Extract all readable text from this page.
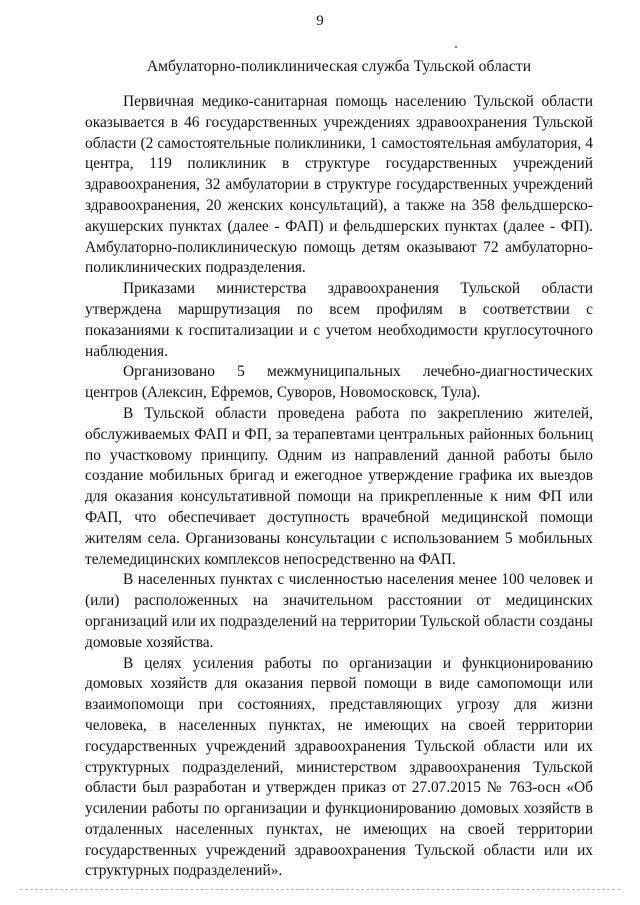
9
Амбулаторно-поликлиническая служба Тульской области

Первичная медико-санитарная помощь населению Тульской области оказывается в 46 государственных учреждениях здравоохранения Тульской области (2 самостоятельные поликлиники, 1 самостоятельная амбулатория, 4 центра, 119 поликлиник в структуре государственных учреждений здравоохранения, 32 амбулатории в структуре государственных учреждений здравоохранения, 20 женских консультаций), а также на 358 фельдшерско-акушерских пунктах (далее - ФАП) и фельдшерских пунктах (далее - ФП). Амбулаторно-поликлиническую помощь детям оказывают 72 амбулаторно-поликлинических подразделения.

Приказами министерства здравоохранения Тульской области утверждена маршрутизация по всем профилям в соответствии с показаниями к госпитализации и с учетом необходимости круглосуточного наблюдения.

Организовано 5 межмуниципальных лечебно-диагностических центров (Алексин, Ефремов, Суворов, Новомосковск, Тула).

В Тульской области проведена работа по закреплению жителей, обслуживаемых ФАП и ФП, за терапевтами центральных районных больниц по участковому принципу. Одним из направлений данной работы было создание мобильных бригад и ежегодное утверждение графика их выездов для оказания консультативной помощи на прикрепленные к ним ФП или ФАП, что обеспечивает доступность врачебной медицинской помощи жителям села. Организованы консультации с использованием 5 мобильных телемедицинских комплексов непосредственно на ФАП.

В населенных пунктах с численностью населения менее 100 человек и (или) расположенных на значительном расстоянии от медицинских организаций или их подразделений на территории Тульской области созданы домовые хозяйства.

В целях усиления работы по организации и функционированию домовых хозяйств для оказания первой помощи в виде самопомощи или взаимопомощи при состояниях, представляющих угрозу для жизни человека, в населенных пунктах, не имеющих на своей территории государственных учреждений здравоохранения Тульской области или их структурных подразделений, министерством здравоохранения Тульской области был разработан и утвержден приказ от 27.07.2015 № 763-осн «Об усилении работы по организации и функционированию домовых хозяйств в отдаленных населенных пунктах, не имеющих на своей территории государственных учреждений здравоохранения Тульской области или их структурных подразделений».
